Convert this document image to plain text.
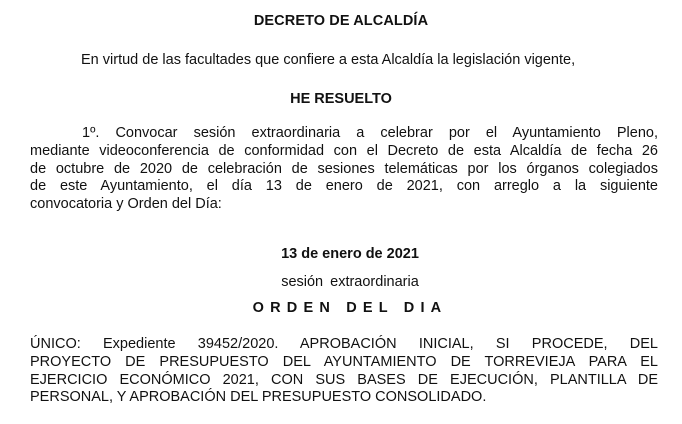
DECRETO DE ALCALDÍA
En virtud de las facultades que confiere a esta Alcaldía la legislación vigente,
HE RESUELTO
1º. Convocar sesión extraordinaria a celebrar por el Ayuntamiento Pleno,
mediante videoconferencia de conformidad con el Decreto de esta Alcaldía de fecha 26
de octubre de 2020 de celebración de sesiones telemáticas por los órganos colegiados
de este Ayuntamiento, el día 13 de enero de 2021, con arreglo a la siguiente
convocatoria y Orden del Día:
13 de enero de 2021
sesión extraordinaria
ORDEN DEL DIA
ÚNICO: Expediente 39452/2020. APROBACIÓN INICIAL, SI PROCEDE, DEL
PROYECTO DE PRESUPUESTO DEL AYUNTAMIENTO DE TORREVIEJA PARA EL
EJERCICIO ECONÓMICO 2021, CON SUS BASES DE EJECUCIÓN, PLANTILLA DE
PERSONAL, Y APROBACIÓN DEL PRESUPUESTO CONSOLIDADO.
